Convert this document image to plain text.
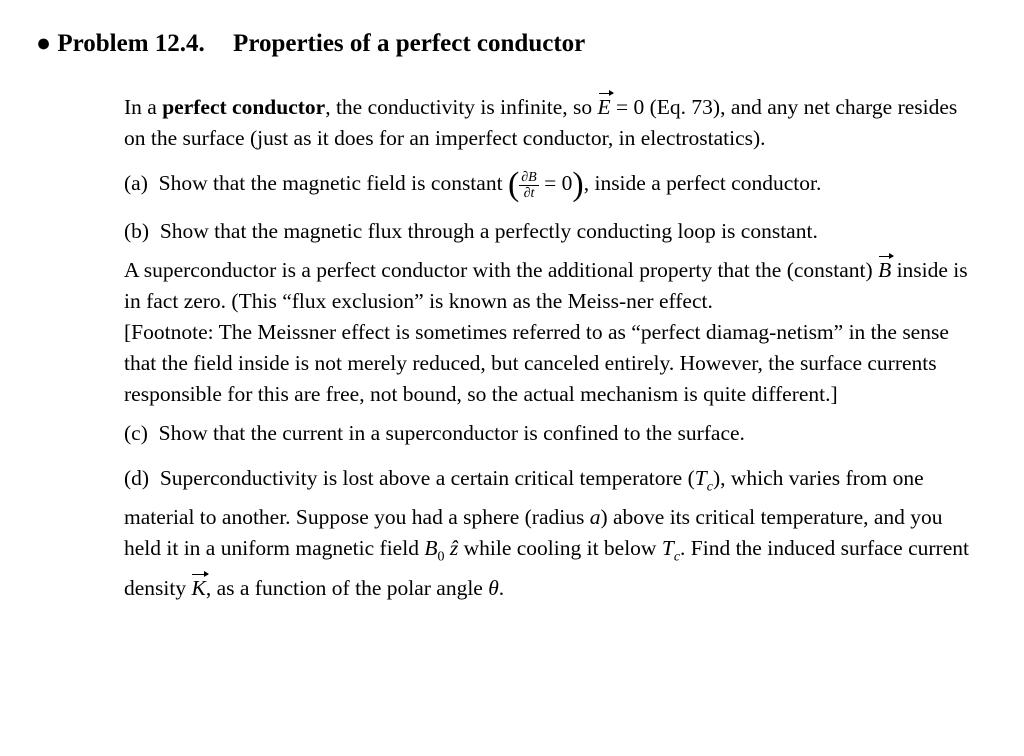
● Problem 12.4. Properties of a perfect conductor

In a perfect conductor, the conductivity is infinite, so E = 0 (Eq. 73), and any net charge resides on the surface (just as it does for an imperfect conductor, in electrostatics).

(a) Show that the magnetic field is constant ( $\frac{\partial B}{\partial t} = 0$), inside a perfect conductor.

(b) Show that the magnetic flux through a perfectly conducting loop is constant.

A superconductor is a perfect conductor with the additional property that the (constant) B inside is in fact zero. (This “flux exclusion” is known as the Meiss-ner effect.

[Footnote: The Meissner effect is sometimes referred to as “perfect diamag-netism” in the sense that the field inside is not merely reduced, but canceled entirely. However, the surface currents responsible for this are free, not bound, so the actual mechanism is quite different.]

(c) Show that the current in a superconductor is confined to the surface.

(d) Superconductivity is lost above a certain critical temperatore $(T_c)$, which varies from one material to another. Suppose you had a sphere (radius a) above its critical temperature, and you held it in a uniform magnetic field $B_0$ ẑ while cooling it below $T_c$. Find the induced surface current density K, as a function of the polar angle θ.
